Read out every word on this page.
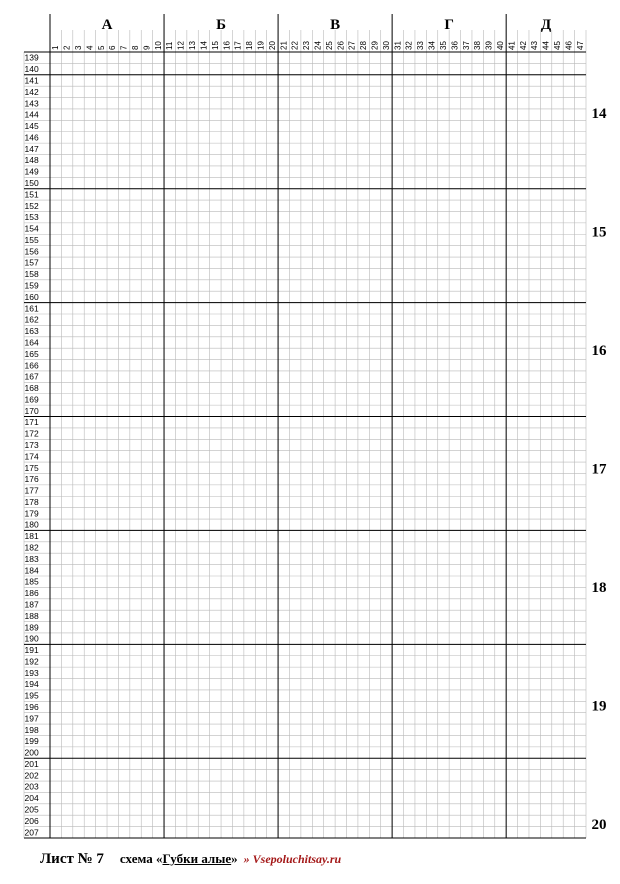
1 2 3 4 5 6 7 8 9 10 11 12 13 14 15 16 17 18 19 20 21 22 23 24 25 26 27 28 29 30 31 32 33 34 35 36 37 38 39 40 41 42 43 44 45 46 47
139
140
141
142
143
144
145
146
147
148
149
150
151
152
153
154
155
156
157
158
159
160
161
162
163
164
165
166
167
168
169
170
171
172
173
174
175
176
177
178
179
180
181
182
183
184
185
186
187
188
189
190
191
192
193
194
195
196
197
198
199
200
201
202
203
204
205
206
207
А	Б	В	Г	Д
14
15
16
17
18
19
20
Лист № 7 схема «Губки алые» » Vsepoluchitsay.ru
